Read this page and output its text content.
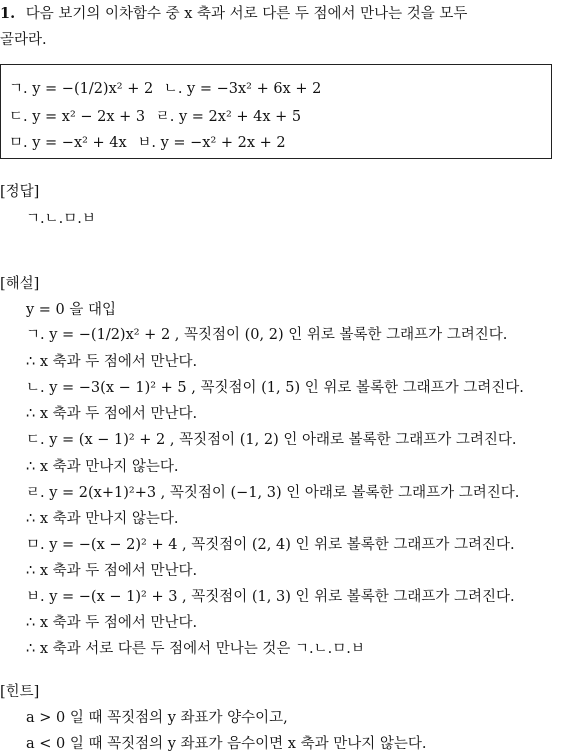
1. 다음 보기의 이차함수 중 x 축과 서로 다른 두 점에서 만나는 것을 모두
골라라.
ㄱ. y = −(1/2)x² + 2 ㄴ. y = −3x² + 6x + 2
ㄷ. y = x² − 2x + 3 ㄹ. y = 2x² + 4x + 5
ㅁ. y = −x² + 4x ㅂ. y = −x² + 2x + 2
[정답]
ㄱ.ㄴ.ㅁ.ㅂ
[해설]
y = 0 을 대입
ㄱ. y = −(1/2)x² + 2 , 꼭짓점이 (0, 2) 인 위로 볼록한 그래프가 그려진다.
∴ x 축과 두 점에서 만난다.
ㄴ. y = −3(x − 1)² + 5 , 꼭짓점이 (1, 5) 인 위로 볼록한 그래프가 그려진다.
∴ x 축과 두 점에서 만난다.
ㄷ. y = (x − 1)² + 2 , 꼭짓점이 (1, 2) 인 아래로 볼록한 그래프가 그려진다.
∴ x 축과 만나지 않는다.
ㄹ. y = 2(x+1)²+3 , 꼭짓점이 (−1, 3) 인 아래로 볼록한 그래프가 그려진다.
∴ x 축과 만나지 않는다.
ㅁ. y = −(x − 2)² + 4 , 꼭짓점이 (2, 4) 인 위로 볼록한 그래프가 그려진다.
∴ x 축과 두 점에서 만난다.
ㅂ. y = −(x − 1)² + 3 , 꼭짓점이 (1, 3) 인 위로 볼록한 그래프가 그려진다.
∴ x 축과 두 점에서 만난다.
∴ x 축과 서로 다른 두 점에서 만나는 것은 ㄱ.ㄴ.ㅁ.ㅂ
[힌트]
a > 0 일 때 꼭짓점의 y 좌표가 양수이고,
a < 0 일 때 꼭짓점의 y 좌표가 음수이면 x 축과 만나지 않는다.
